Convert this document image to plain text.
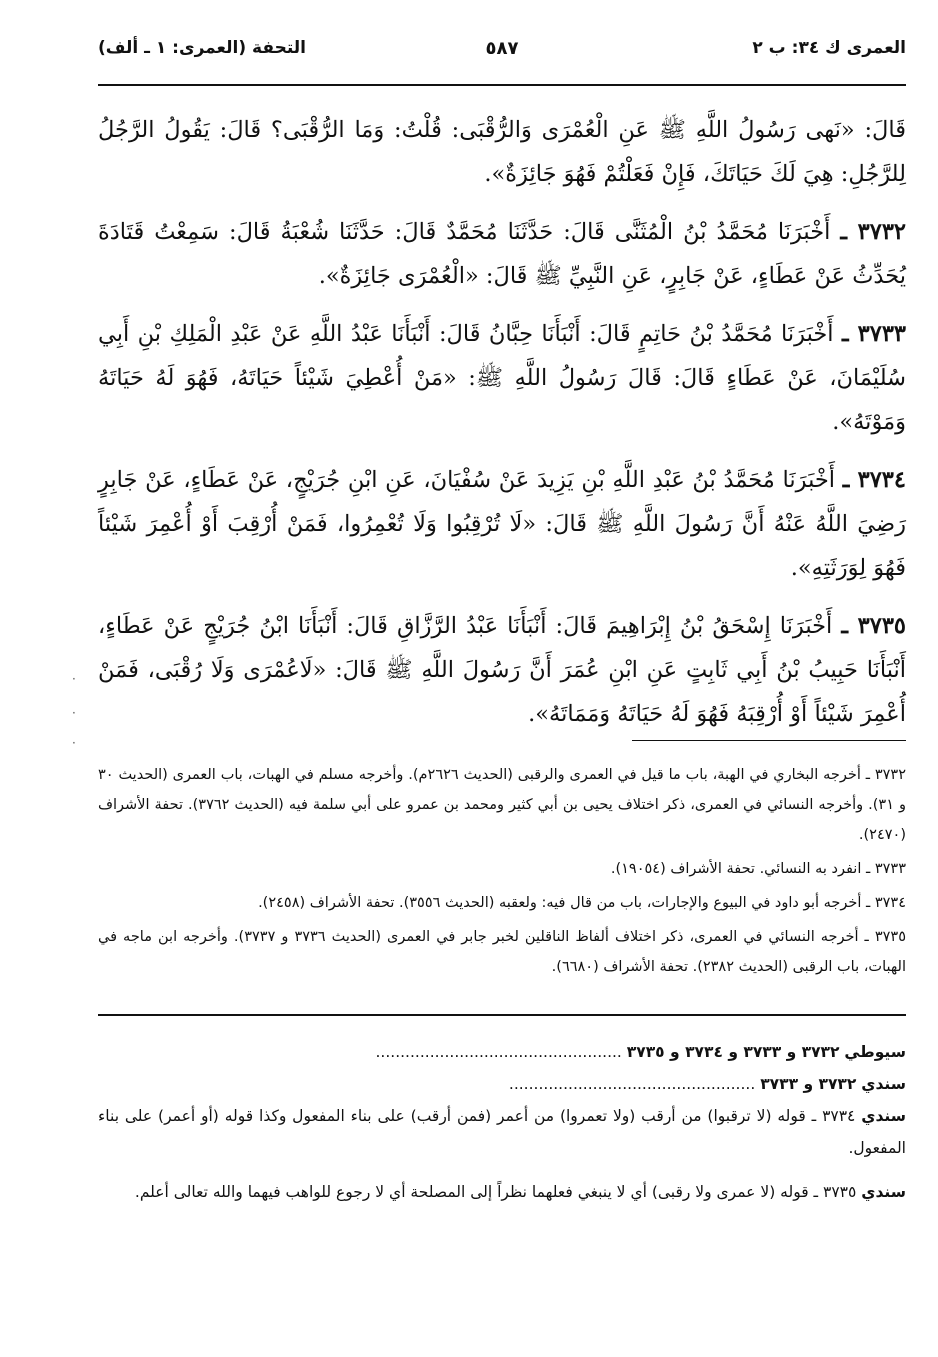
العمرى ك ٣٤: ب ٢
٥٨٧
التحفة (العمرى: ١ ـ ألف)

قَالَ: «نَهى رَسُولُ اللَّهِ ﷺ عَنِ الْعُمْرَى وَالرُّقْبَى: قُلْتُ: وَمَا الرُّقْبَى؟ قَالَ: يَقُولُ الرَّجُلُ لِلرَّجُلِ: هِيَ لَكَ حَيَاتَكَ، فَإِنْ فَعَلْتُمْ فَهُوَ جَائِزَةٌ».

٣٧٣٢ ـ أَخْبَرَنَا مُحَمَّدُ بْنُ الْمُثَنَّى قَالَ: حَدَّثَنَا مُحَمَّدٌ قَالَ: حَدَّثَنَا شُعْبَةُ قَالَ: سَمِعْتُ قَتَادَةَ يُحَدِّثُ عَنْ عَطَاءٍ، عَنْ جَابِرٍ، عَنِ النَّبِيِّ ﷺ قَالَ: «الْعُمْرَى جَائِزَةٌ».

٣٧٣٣ ـ أَخْبَرَنَا مُحَمَّدُ بْنُ حَاتِمٍ قَالَ: أَنْبَأَنَا حِبَّانُ قَالَ: أَنْبَأَنَا عَبْدُ اللَّهِ عَنْ عَبْدِ الْمَلِكِ بْنِ أَبِي سُلَيْمَانَ، عَنْ عَطَاءٍ قَالَ: قَالَ رَسُولُ اللَّهِ ﷺ: «مَنْ أُعْطِيَ شَيْئاً حَيَاتَهُ، فَهُوَ لَهُ حَيَاتَهُ وَمَوْتَهُ».

٣٧٣٤ ـ أَخْبَرَنَا مُحَمَّدُ بْنُ عَبْدِ اللَّهِ بْنِ يَزِيدَ عَنْ سُفْيَانَ، عَنِ ابْنِ جُرَيْجٍ، عَنْ عَطَاءٍ، عَنْ جَابِرٍ رَضِيَ اللَّهُ عَنْهُ أَنَّ رَسُولَ اللَّهِ ﷺ قَالَ: «لَا تُرْقِبُوا وَلَا تُعْمِرُوا، فَمَنْ أُرْقِبَ أَوْ أُعْمِرَ شَيْئاً فَهُوَ لِوَرَثَتِهِ».

٣٧٣٥ ـ أَخْبَرَنَا إِسْحَقُ بْنُ إِبْرَاهِيمَ قَالَ: أَنْبَأَنَا عَبْدُ الرَّزَّاقِ قَالَ: أَنْبَأَنَا ابْنُ جُرَيْجٍ عَنْ عَطَاءٍ، أَنْبَأَنَا حَبِيبُ بْنُ أَبِي ثَابِتٍ عَنِ ابْنِ عُمَرَ أَنَّ رَسُولَ اللَّهِ ﷺ قَالَ: «لَاعُمْرَى وَلَا رُقْبَى، فَمَنْ أُعْمِرَ شَيْئاً أَوْ أُرْقِبَهُ فَهُوَ لَهُ حَيَاتَهُ وَمَمَاتَهُ».

٣٧٣٢ ـ أخرجه البخاري في الهبة، باب ما قيل في العمرى والرقبى (الحديث ٢٦٢٦م). وأخرجه مسلم في الهبات، باب العمرى (الحديث ٣٠ و ٣١). وأخرجه النسائي في العمرى، ذكر اختلاف يحيى بن أبي كثير ومحمد بن عمرو على أبي سلمة فيه (الحديث ٣٧٦٢). تحفة الأشراف (٢٤٧٠).

٣٧٣٣ ـ انفرد به النسائي. تحفة الأشراف (١٩٠٥٤).

٣٧٣٤ ـ أخرجه أبو داود في البيوع والإجارات، باب من قال فيه: ولعقبه (الحديث ٣٥٥٦). تحفة الأشراف (٢٤٥٨).

٣٧٣٥ ـ أخرجه النسائي في العمرى، ذكر اختلاف ألفاظ الناقلين لخبر جابر في العمرى (الحديث ٣٧٣٦ و ٣٧٣٧). وأخرجه ابن ماجه في الهبات، باب الرقبى (الحديث ٢٣٨٢). تحفة الأشراف (٦٦٨٠).

سيوطي ٣٧٣٢ و ٣٧٣٣ و ٣٧٣٤ و ٣٧٣٥ ..................................................

سندي ٣٧٣٢ و ٣٧٣٣ ..................................................

سندي ٣٧٣٤ ـ قوله (لا ترقبوا) من أرقب (ولا تعمروا) من أعمر (فمن أرقب) على بناء المفعول وكذا قوله (أو أعمر) على بناء المفعول.

سندي ٣٧٣٥ ـ قوله (لا عمرى ولا رقبى) أي لا ينبغي فعلهما نظراً إلى المصلحة أي لا رجوع للواهب فيهما والله تعالى أعلم.

·
·
·
